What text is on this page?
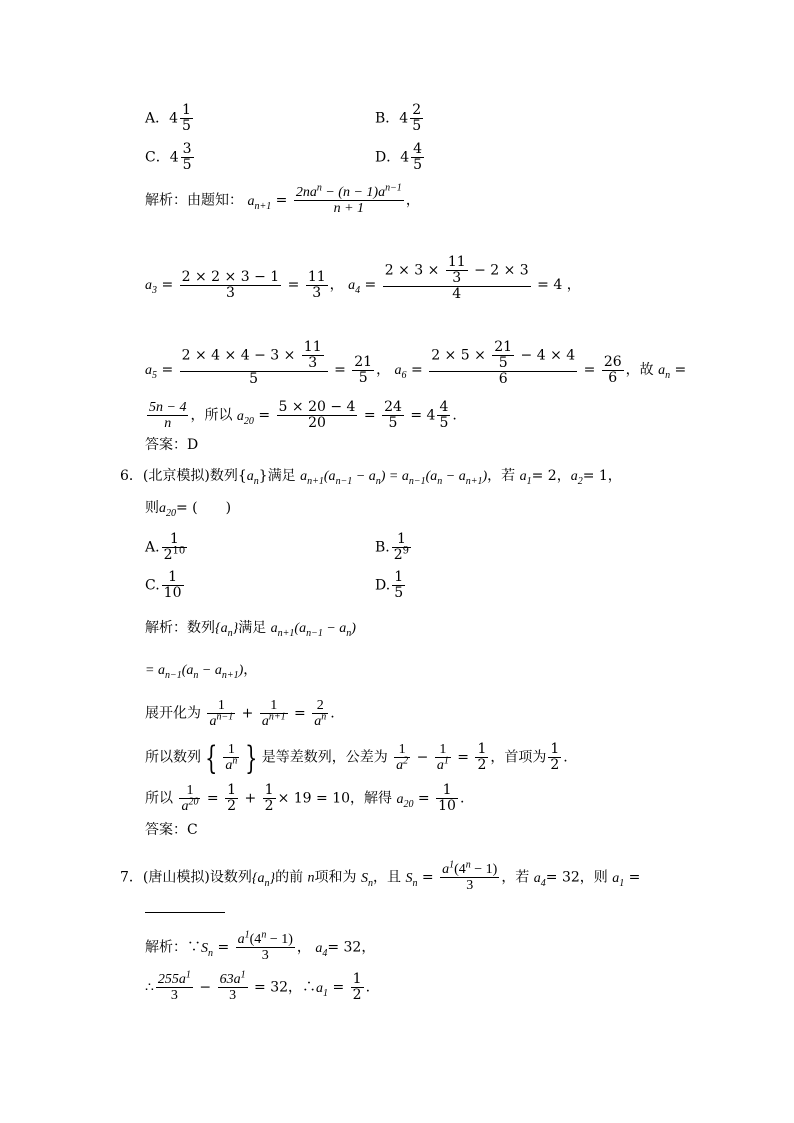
A．$4 \frac{1}{5}$	B．$4 \frac{2}{5}$
C．$4 \frac{3}{5}$	D．$4 \frac{4}{5}$
解析：由题知： $a_{n+1} = 2na^n - (n - 1)a^{n-1}$
n + 1	，
$a_3 = \frac{2 \times 2 \times 3 - 1}{3} = \frac{11}{3}$ ， $a_4 = \frac{2 \times 3 \times \frac{11}{3} - 2 \times 3}{4} = 4$ ，
$a_5 = \frac{2 \times 4 \times 4 - 3 \times \frac{11}{3}}{5} = \frac{21}{5}$ ， $a_6 = \frac{2 \times 5 \times \frac{21}{5} - 4 \times 4}{6} = \frac{26}{6}$ ，故 $a_n$ =
$\frac{5n - 4}{n}$ ，所以 $a_{20} = \frac{5 \times 20 - 4}{20} = \frac{24}{5} = 4 \frac{4}{5}$ .
答案：D
6．(北京模拟)数列$\{a_n\}$满足 $a_{n+1}(a_{n-1} - a_n) = a_{n-1}(a_n - a_{n+1})$，若 $a_1= 2$，$a_2= 1$，
则$a_{20}=$ (　　)
A. $\frac{1}{2^{10}}$	B. $\frac{1}{2^9}$
C. $\frac{1}{10}$	D. $\frac{1}{5}$
解析：数列$\{a_n\}$满足 $a_{n+1}(a_{n-1} - a_n)$
= $a_{n-1}(a_n - a_{n+1})$，
展开化为 $\frac{1}{a^{n-1}} + \frac{1}{a^{n+1}} = \frac{2}{a^n}$ .
所以数列 { $\frac{1}{a^n}$ } 是等差数列，公差为 $\frac{1}{a^2} - \frac{1}{a^1} = \frac{1}{2}$ ，首项为 $\frac{1}{2}$ .
所以 $\frac{1}{a^{20}} = \frac{1}{2} + \frac{1}{2} \times 19 = 10$，解得 $a_{20} = \frac{1}{10}$ .
答案：C
7．(唐山模拟)设数列$\{a_n\}$的前 n项和为 $S_n$，且 $S_n = \frac{a^1(4^n - 1)}{3}$ ，若 $a_4= 32$，则 $a_1$ =
解析：$\because S_n = \frac{a^1(4^n - 1)}{3}$ ， $a_4= 32$，
∴ $\frac{255a^1}{3} - \frac{63a^1}{3} = 32$，$\therefore a_1 = \frac{1}{2}$ .
